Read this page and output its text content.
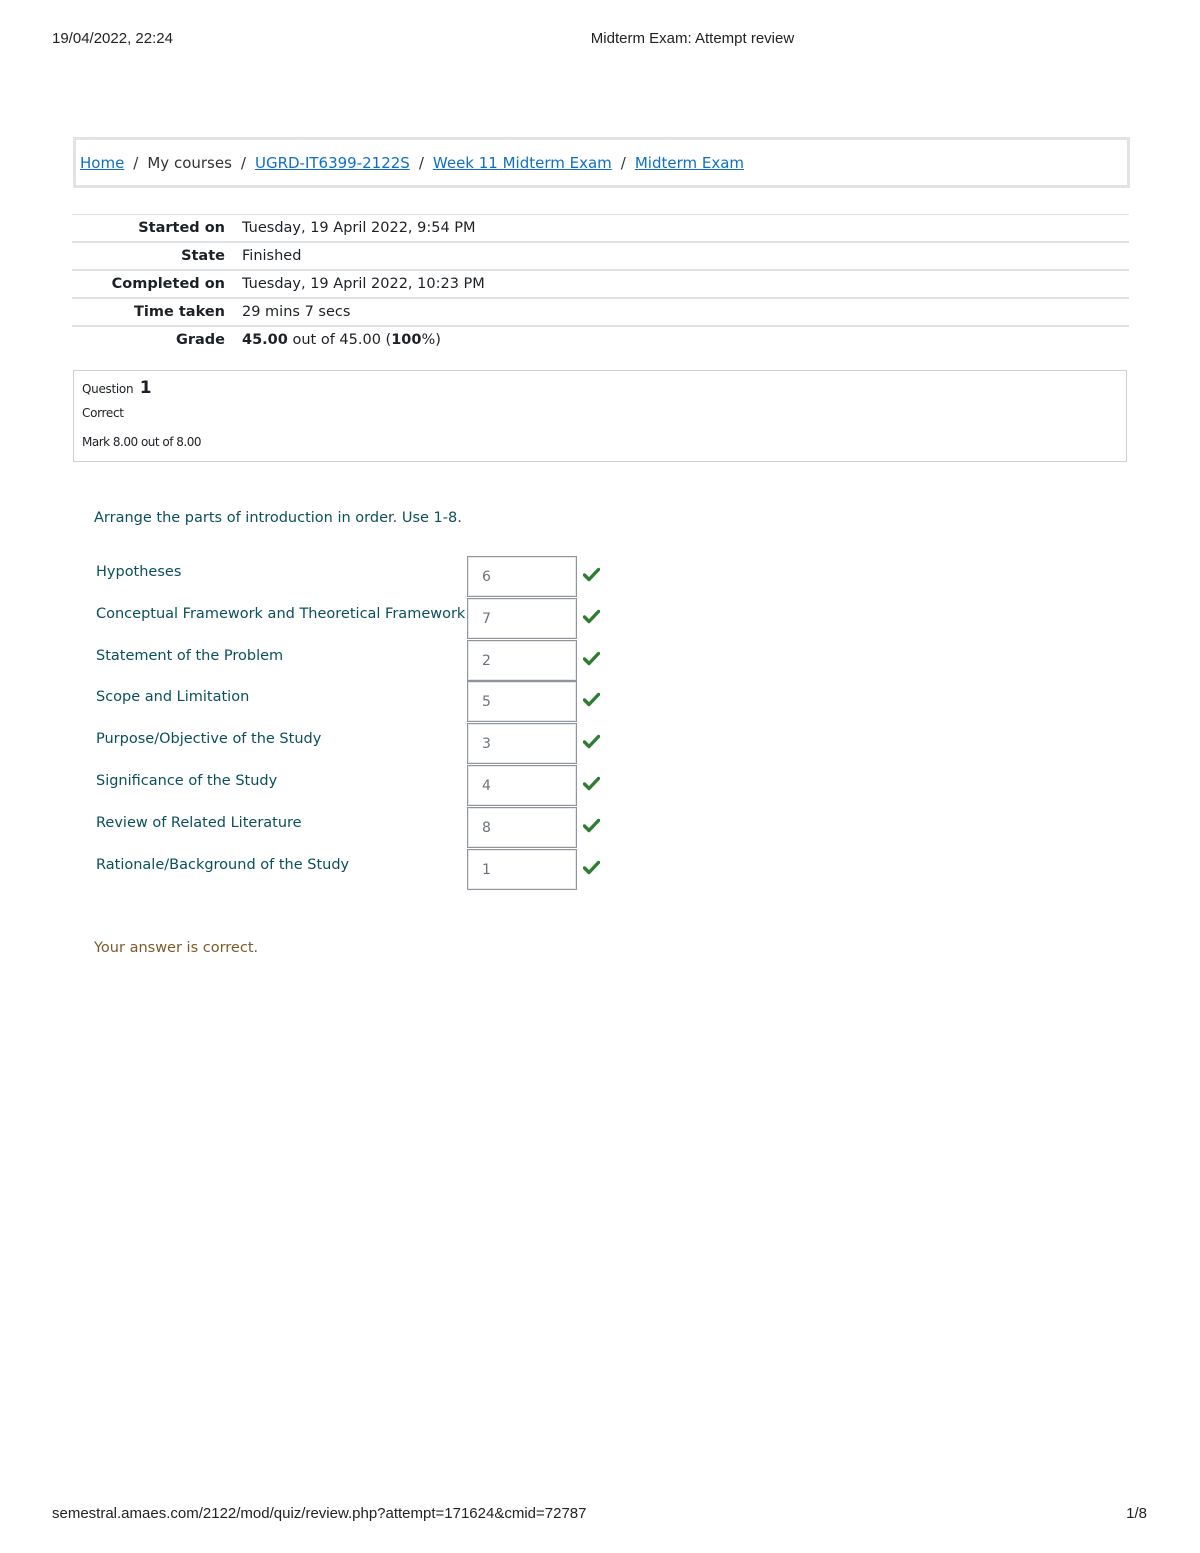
19/04/2022, 22:24	Midterm Exam: Attempt review
Home / My courses / UGRD-IT6399-2122S / Week 11 Midterm Exam / Midterm Exam
Started on	Tuesday, 19 April 2022, 9:54 PM
State	Finished
Completed on	Tuesday, 19 April 2022, 10:23 PM
Time taken	29 mins 7 secs
Grade	45.00 out of 45.00 (100%)
Question 1
Correct
Mark 8.00 out of 8.00
Arrange the parts of introduction in order. Use 1-8.
Hypotheses	6
Conceptual Framework and Theoretical Framework	7
Statement of the Problem	2
Scope and Limitation	5
Purpose/Objective of the Study	3
Significance of the Study	4
Review of Related Literature	8
Rationale/Background of the Study	1
Your answer is correct.
semestral.amaes.com/2122/mod/quiz/review.php?attempt=171624&cmid=72787	1/8
